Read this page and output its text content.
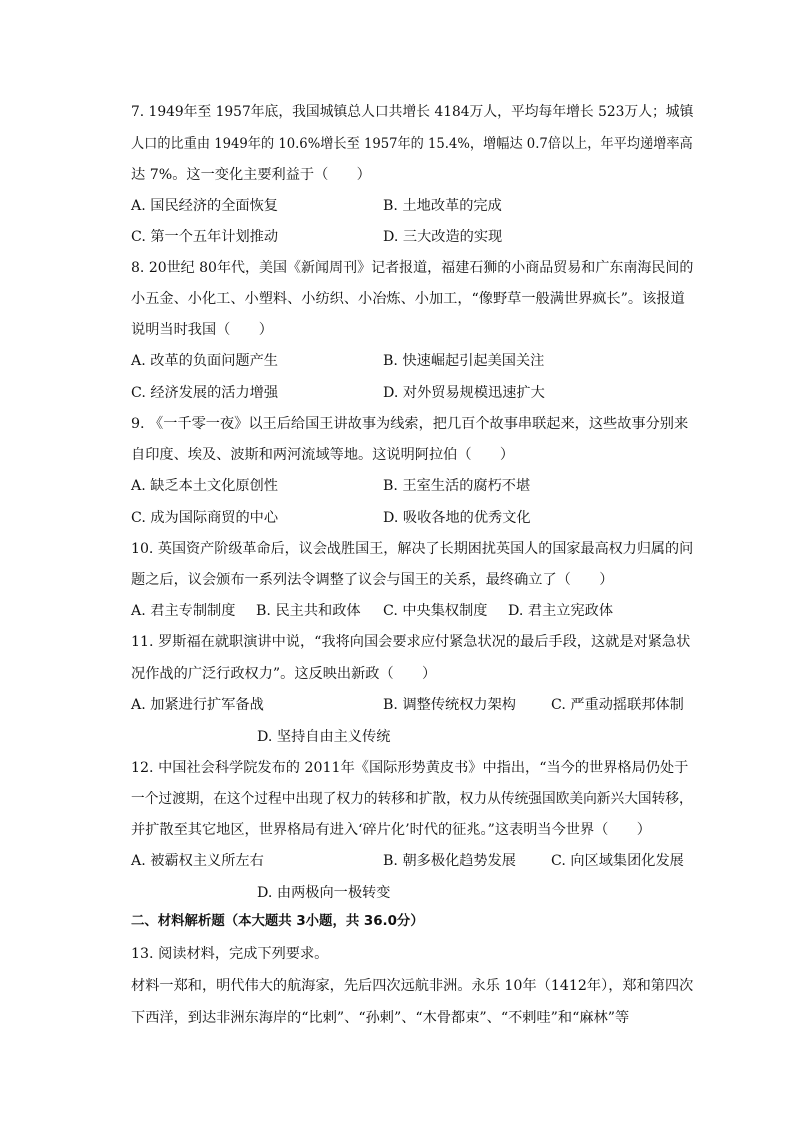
7. 1949年至 1957年底，我国城镇总人口共增长 4184万人，平均每年增长 523万人；城镇
人口的比重由 1949年的 10.6%增长至 1957年的 15.4%，增幅达 0.7倍以上，年平均递增率高
达 7%。这一变化主要利益于（　　）
A. 国民经济的全面恢复	B. 土地改革的完成
C. 第一个五年计划推动	D. 三大改造的实现
8. 20世纪 80年代，美国《新闻周刊》记者报道，福建石狮的小商品贸易和广东南海民间的
小五金、小化工、小塑料、小纺织、小冶炼、小加工，“像野草一般满世界疯长”。该报道
说明当时我国（　　）
A. 改革的负面问题产生	B. 快速崛起引起美国关注
C. 经济发展的活力增强	D. 对外贸易规模迅速扩大
9. 《一千零一夜》以王后给国王讲故事为线索，把几百个故事串联起来，这些故事分别来
自印度、埃及、波斯和两河流域等地。这说明阿拉伯（　　）
A. 缺乏本土文化原创性	B. 王室生活的腐朽不堪
C. 成为国际商贸的中心	D. 吸收各地的优秀文化
10. 英国资产阶级革命后，议会战胜国王，解决了长期困扰英国人的国家最高权力归属的问
题之后，议会颁布一系列法令调整了议会与国王的关系，最终确立了（　　）
A. 君主专制制度 B. 民主共和政体 C. 中央集权制度 D. 君主立宪政体
11. 罗斯福在就职演讲中说，“我将向国会要求应付紧急状况的最后手段，这就是对紧急状
况作战的广泛行政权力”。这反映出新政（　　）
A. 加紧进行扩军备战	B. 调整传统权力架构 C. 严重动摇联邦体制
D. 坚持自由主义传统
12. 中国社会科学院发布的 2011年《国际形势黄皮书》中指出，“当今的世界格局仍处于
一个过渡期，在这个过程中出现了权力的转移和扩散，权力从传统强国欧美向新兴大国转移，
并扩散至其它地区，世界格局有进入‘碎片化’时代的征兆。”这表明当今世界（　　）
A. 被霸权主义所左右	B. 朝多极化趋势发展 C. 向区域集团化发展
D. 由两极向一极转变
二、材料解析题（本大题共 3小题，共 36.0分）
13. 阅读材料，完成下列要求。
材料一郑和，明代伟大的航海家，先后四次远航非洲。永乐 10年（1412年），郑和第四次
下西洋，到达非洲东海岸的“比剌”、“孙剌”、“木骨都束”、“不剌哇”和“麻林”等
